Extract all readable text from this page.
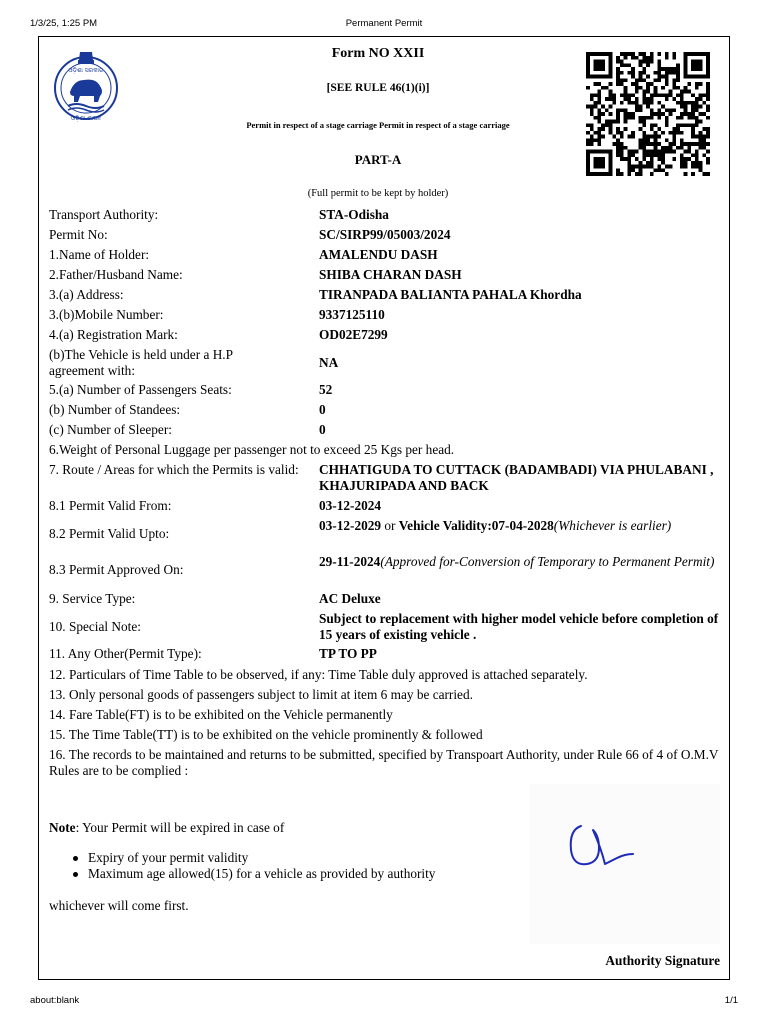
1/3/25, 1:25 PM	Permanent Permit
about:blank	1/1
ଓଡ଼ିଶା ସରକାର
ଓଡ଼ିଶା ଶାସନ
Form NO XXII
[SEE RULE 46(1)(i)]
Permit in respect of a stage carriage Permit in respect of a stage carriage
PART-A
(Full permit to be kept by holder)
Transport Authority:	STA-Odisha
Permit No:	SC/SIRP99/05003/2024
1.Name of Holder:	AMALENDU DASH
2.Father/Husband Name:	SHIBA CHARAN DASH
3.(a) Address:	TIRANPADA BALIANTA PAHALA Khordha
3.(b)Mobile Number:	9337125110
4.(a) Registration Mark:	OD02E7299
(b)The Vehicle is held under a H.P agreement with:
NA
5.(a) Number of Passengers Seats:	52
(b) Number of Standees:	0
(c) Number of Sleeper:	0
6.Weight of Personal Luggage per passenger not to exceed 25 Kgs per head.
7. Route / Areas for which the Permits is valid:	CHHATIGUDA TO CUTTACK (BADAMBADI) VIA PHULABANI , KHAJURIPADA AND BACK
8.1 Permit Valid From:	03-12-2024
8.2 Permit Valid Upto:
03-12-2029 or Vehicle Validity:07-04-2028(Whichever is earlier)
8.3 Permit Approved On:
29-11-2024(Approved for-Conversion of Temporary to Permanent Permit)
9. Service Type:	AC Deluxe
10. Special Note:
Subject to replacement with higher model vehicle before completion of 15 years of existing vehicle .
11. Any Other(Permit Type):	TP TO PP
12. Particulars of Time Table to be observed, if any: Time Table duly approved is attached separately.
13. Only personal goods of passengers subject to limit at item 6 may be carried.
14. Fare Table(FT) is to be exhibited on the Vehicle permanently
15. The Time Table(TT) is to be exhibited on the vehicle prominently & followed
16. The records to be maintained and returns to be submitted, specified by Transpoart Authority, under Rule 66 of 4 of O.M.V Rules are to be complied :
Note: Your Permit will be expired in case of
Expiry of your permit validity
Maximum age allowed(15) for a vehicle as provided by authority
whichever will come first.
Authority Signature
